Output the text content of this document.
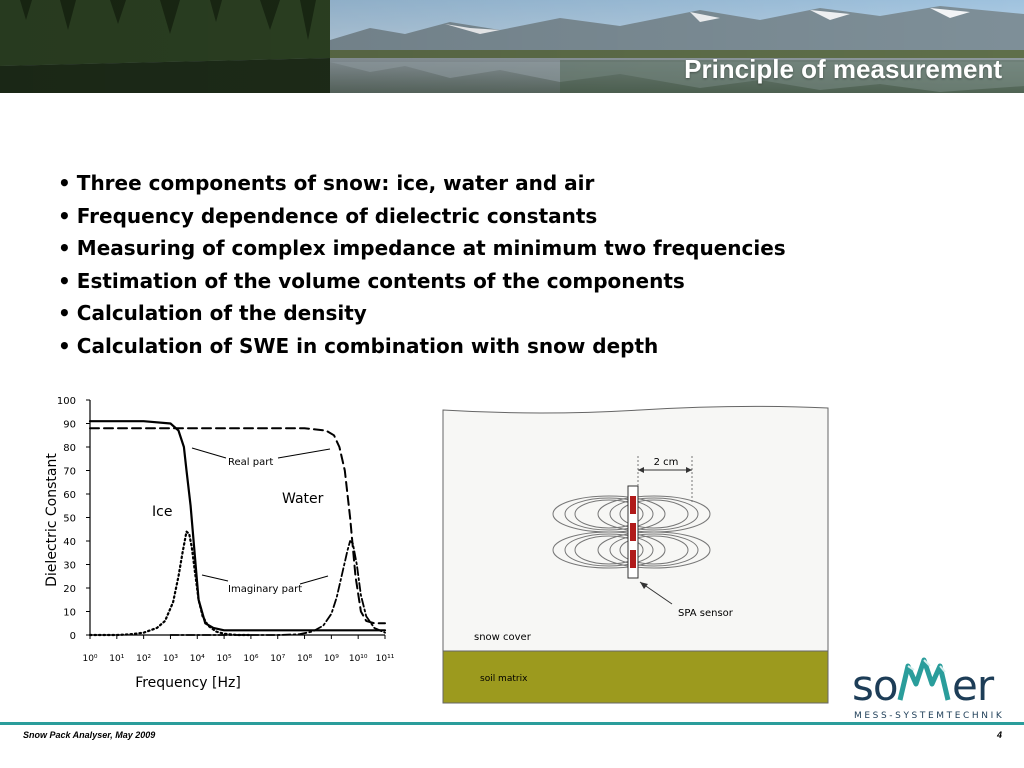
Principle of measurement
• Three components of snow: ice, water and air
• Frequency dependence of dielectric constants
• Measuring of complex impedance at minimum two frequencies
• Estimation of the volume contents of the components
• Calculation of the density
• Calculation of SWE in combination with snow depth
0
10
20
30
40
50
60
70
80
90
100
10⁰ 10¹ 10² 10³ 10⁴ 10⁵ 10⁶ 10⁷ 10⁸ 10⁹ 10¹⁰ 10¹¹
Real part
Imaginary part
Ice
Water
Frequency [Hz]
Dielectric Constant	2 cm
SPA sensor
snow cover
soil matrix	so er
MESS-SYSTEMTECHNIK
Snow Pack Analyser, May 2009	4
